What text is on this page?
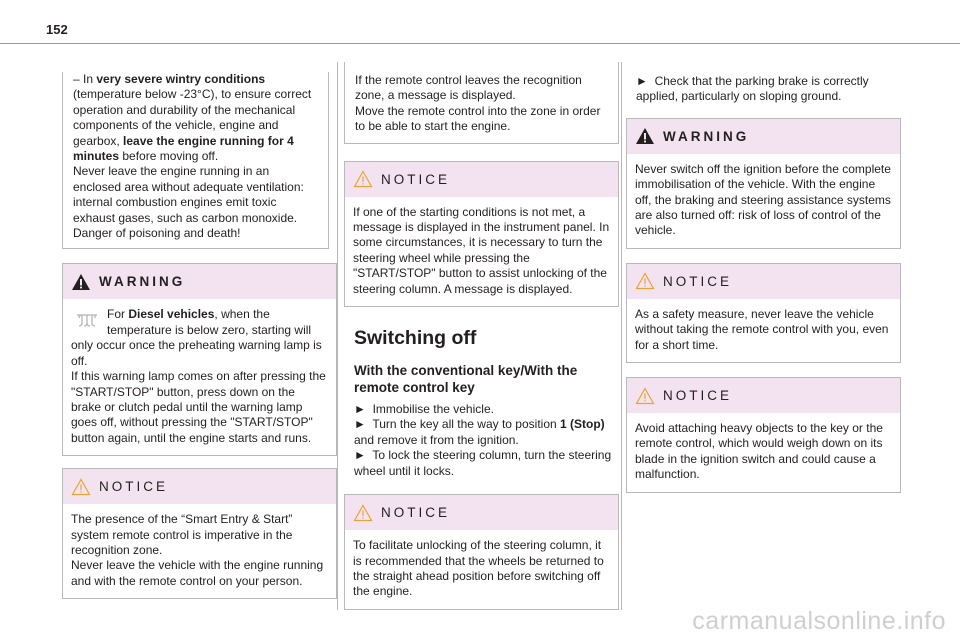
152

– In very severe wintry conditions (temperature below -23°C), to ensure correct operation and durability of the mechanical components of the vehicle, engine and gearbox, leave the engine running for 4 minutes before moving off.

Never leave the engine running in an enclosed area without adequate ventilation: internal combustion engines emit toxic exhaust gases, such as carbon monoxide. Danger of poisoning and death!

WARNING

For Diesel vehicles, when the temperature is below zero, starting will only occur once the preheating warning lamp is off.

If this warning lamp comes on after pressing the "START/STOP" button, press down on the brake or clutch pedal until the warning lamp goes off, without pressing the "START/STOP" button again, until the engine starts and runs.

NOTICE

The presence of the “Smart Entry & Start” system remote control is imperative in the recognition zone.

Never leave the vehicle with the engine running and with the remote control on your person.

If the remote control leaves the recognition zone, a message is displayed.

Move the remote control into the zone in order to be able to start the engine.

NOTICE

If one of the starting conditions is not met, a message is displayed in the instrument panel. In some circumstances, it is necessary to turn the steering wheel while pressing the "START/STOP" button to assist unlocking of the steering column. A message is displayed.

Switching off
With the conventional key/With the remote control key

► Immobilise the vehicle.

► Turn the key all the way to position 1 (Stop) and remove it from the ignition.

► To lock the steering column, turn the steering wheel until it locks.

NOTICE

To facilitate unlocking of the steering column, it is recommended that the wheels be returned to the straight ahead position before switching off the engine.

► Check that the parking brake is correctly applied, particularly on sloping ground.

WARNING

Never switch off the ignition before the complete immobilisation of the vehicle. With the engine off, the braking and steering assistance systems are also turned off: risk of loss of control of the vehicle.

NOTICE

As a safety measure, never leave the vehicle without taking the remote control with you, even for a short time.

NOTICE

Avoid attaching heavy objects to the key or the remote control, which would weigh down on its blade in the ignition switch and could cause a malfunction.

carmanualsonline.info
